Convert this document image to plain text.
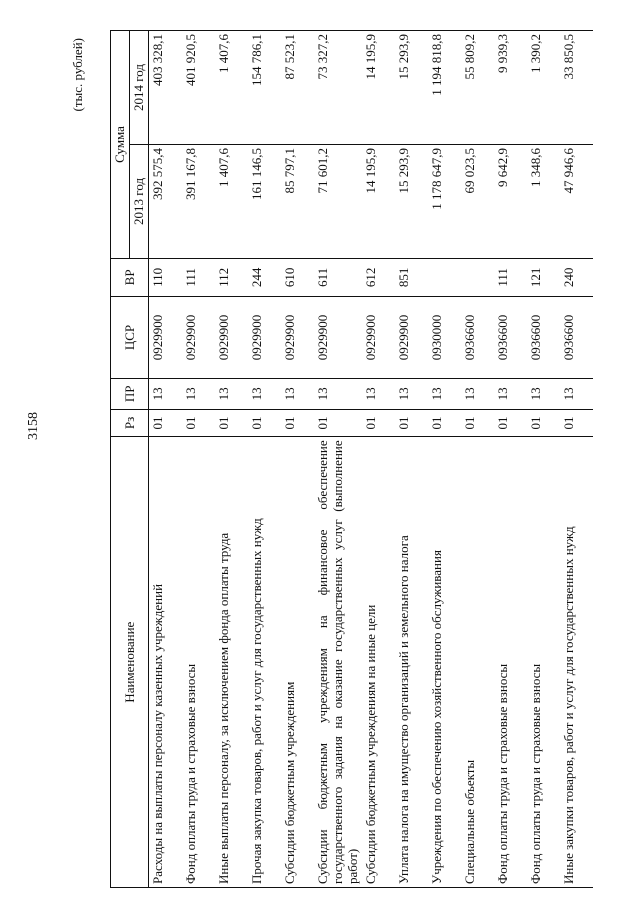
3158
(тыс. рублей)
Наименование	Рз	ПР	ЦСР	ВР	Сумма	
					2013 год	2014 год
Расходы на выплаты персоналу казенных учреждений	01	13	0929900	110	392 575,4	403 328,1
Фонд оплаты труда и страховые взносы	01	13	0929900	111	391 167,8	401 920,5
Иные выплаты персоналу, за исключением фонда оплаты труда	01	13	0929900	112	1 407,6	1 407,6
Прочая закупка товаров, работ и услуг для государственных нужд	01	13	0929900	244	161 146,5	154 786,1
Субсидии бюджетным учреждениям	01	13	0929900	610	85 797,1	87 523,1
Субсидии бюджетным учреждениям на финансовое обеспечение государственного задания на оказание государственных услуг (выполнение работ)	01	13	0929900	611	71 601,2	73 327,2
Субсидии бюджетным учреждениям на иные цели	01	13	0929900	612	14 195,9	14 195,9
Уплата налога на имущество организаций и земельного налога	01	13	0929900	851	15 293,9	15 293,9
Учреждения по обеспечению хозяйственного обслуживания	01	13	0930000		1 178 647,9	1 194 818,8
Специальные объекты	01	13	0936600		69 023,5	55 809,2
Фонд оплаты труда и страховые взносы	01	13	0936600	111	9 642,9	9 939,3
Фонд оплаты труда и страховые взносы	01	13	0936600	121	1 348,6	1 390,2
Иные закупки товаров, работ и услуг для государственных нужд	01	13	0936600	240	47 946,6	33 850,5
